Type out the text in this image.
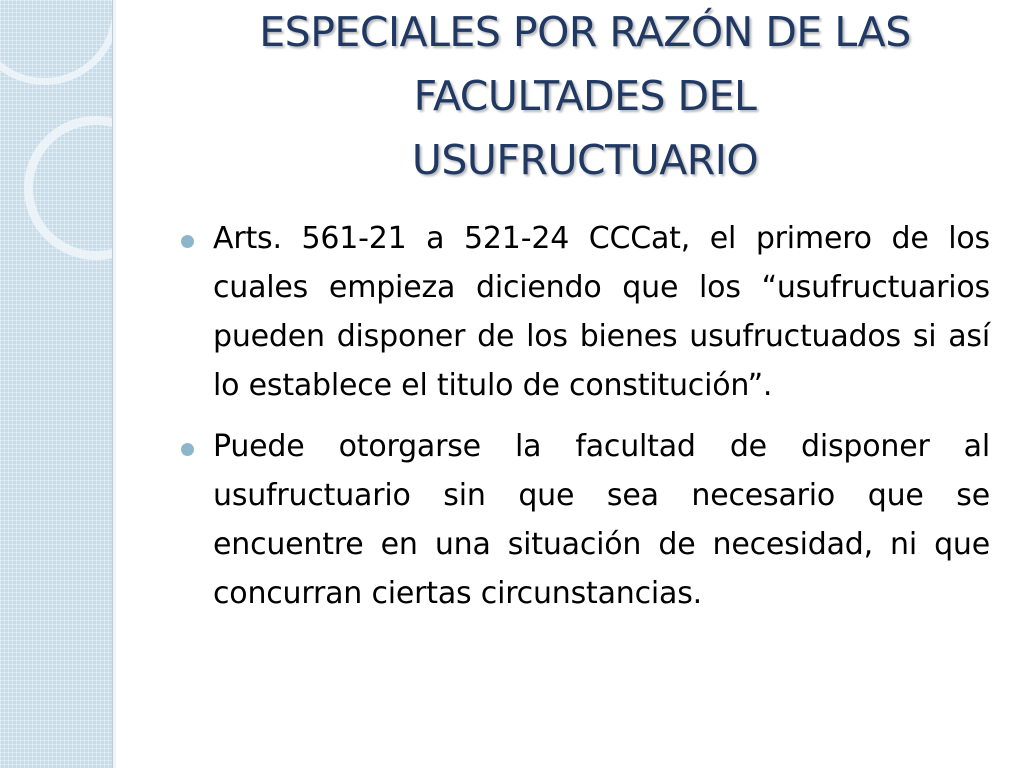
ESPECIALES POR RAZÓN DE LAS
FACULTADES DEL
USUFRUCTUARIO
Arts. 561-21 a 521-24 CCCat, el primero de los cuales empieza diciendo que los “usufructuarios pueden disponer de los bienes usufructuados si así lo establece el titulo de constitución”.
Puede otorgarse la facultad de disponer al usufructuario sin que sea necesario que se encuentre en una situación de necesidad, ni que concurran ciertas circunstancias.
